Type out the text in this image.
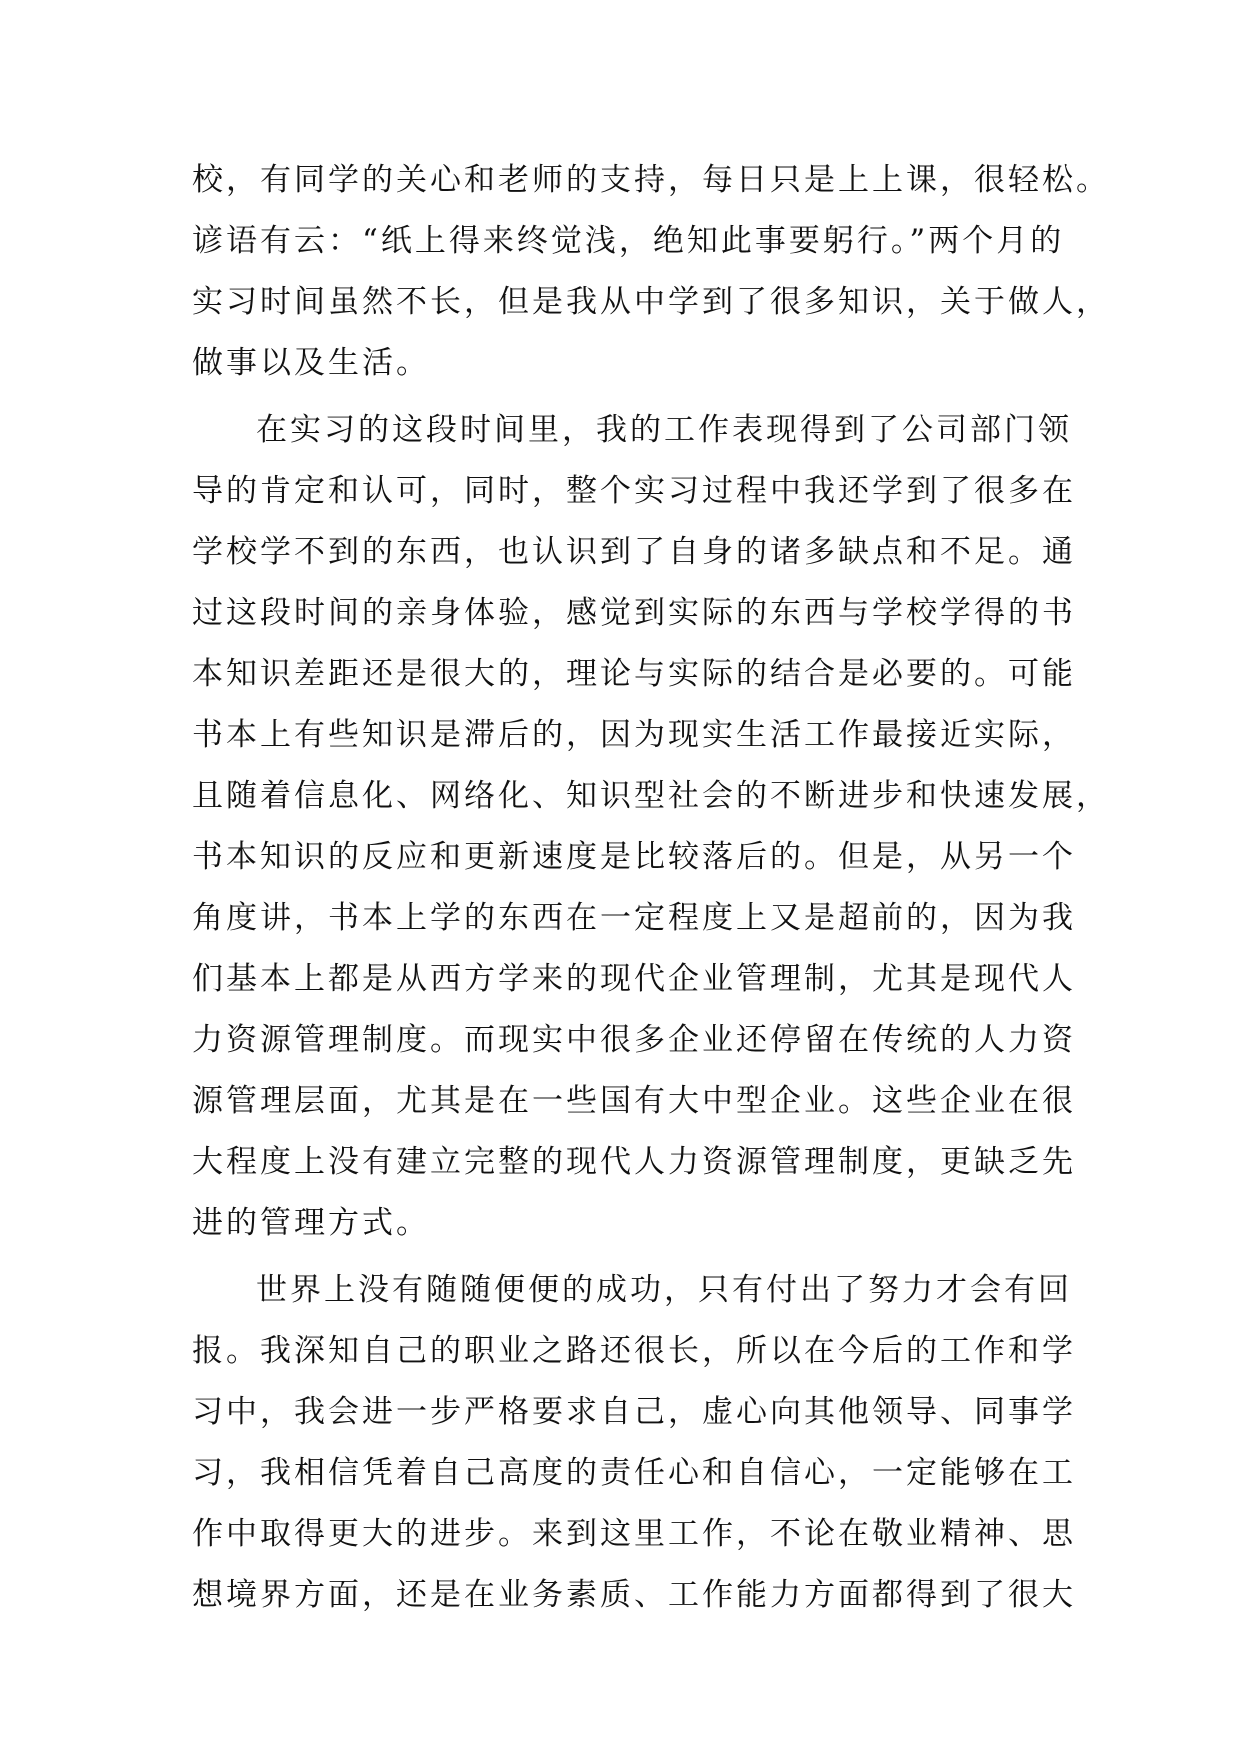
校，有同学的关心和老师的支持，每日只是上上课，很轻松。
谚语有云：“纸上得来终觉浅，绝知此事要躬行。”两个月的
实习时间虽然不长，但是我从中学到了很多知识，关于做人，
做事以及生活。
在实习的这段时间里，我的工作表现得到了公司部门领
导的肯定和认可，同时，整个实习过程中我还学到了很多在
学校学不到的东西，也认识到了自身的诸多缺点和不足。通
过这段时间的亲身体验，感觉到实际的东西与学校学得的书
本知识差距还是很大的，理论与实际的结合是必要的。可能
书本上有些知识是滞后的，因为现实生活工作最接近实际，
且随着信息化、网络化、知识型社会的不断进步和快速发展，
书本知识的反应和更新速度是比较落后的。但是，从另一个
角度讲，书本上学的东西在一定程度上又是超前的，因为我
们基本上都是从西方学来的现代企业管理制，尤其是现代人
力资源管理制度。而现实中很多企业还停留在传统的人力资
源管理层面，尤其是在一些国有大中型企业。这些企业在很
大程度上没有建立完整的现代人力资源管理制度，更缺乏先
进的管理方式。
世界上没有随随便便的成功，只有付出了努力才会有回
报。我深知自己的职业之路还很长，所以在今后的工作和学
习中，我会进一步严格要求自己，虚心向其他领导、同事学
习，我相信凭着自己高度的责任心和自信心，一定能够在工
作中取得更大的进步。来到这里工作，不论在敬业精神、思
想境界方面，还是在业务素质、工作能力方面都得到了很大
